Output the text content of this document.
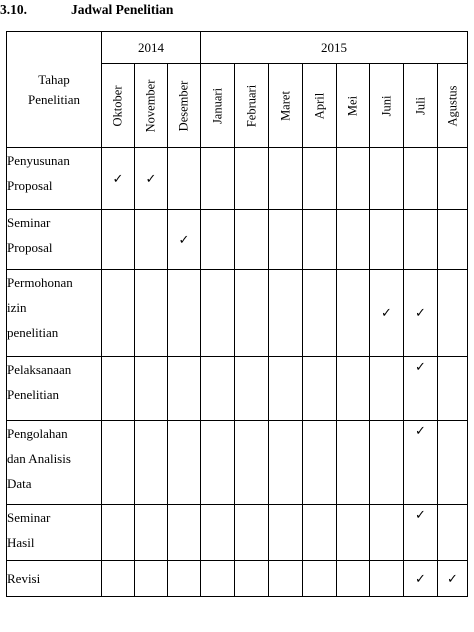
3.10.	Jadwal Penelitian
Tahap
Penelitian	2014			2015							

	Oktober	November	Desember	Januari	Februari	Maret	April	Mei	Juni	Juli	Agustus

Penyusunan
Proposal	✓	✓									
Seminar
Proposal			✓								
Permohonan
izin
penelitian									✓	✓	
Pelaksanaan
Penelitian										✓	
Pengolahan
dan Analisis
Data										✓	
Seminar
Hasil										✓	
Revisi										✓	✓
